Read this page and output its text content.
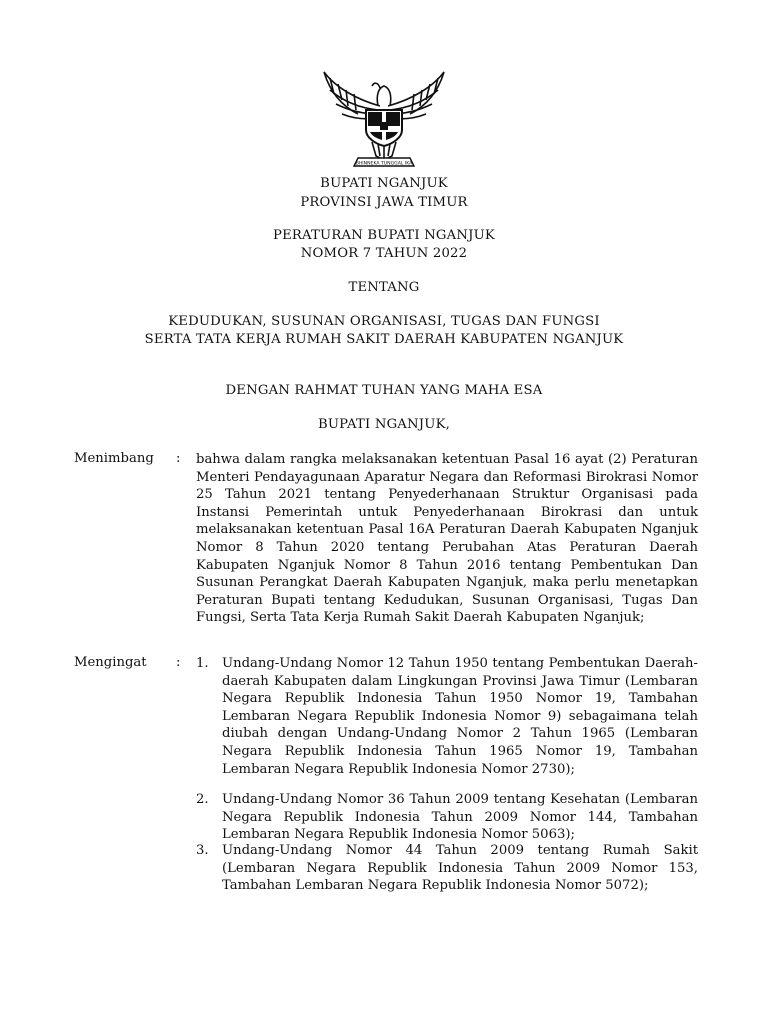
BHINNEKA TUNGGAL IKA
BUPATI NGANJUK
PROVINSI JAWA TIMUR
PERATURAN BUPATI NGANJUK
NOMOR 7 TAHUN 2022
TENTANG
KEDUDUKAN, SUSUNAN ORGANISASI, TUGAS DAN FUNGSI
SERTA TATA KERJA RUMAH SAKIT DAERAH KABUPATEN NGANJUK
DENGAN RAHMAT TUHAN YANG MAHA ESA
BUPATI NGANJUK,
Menimbang : bahwa dalam rangka melaksanakan ketentuan Pasal 16 ayat (2) Peraturan Menteri Pendayagunaan Aparatur Negara dan Reformasi Birokrasi Nomor 25 Tahun 2021 tentang Penyederhanaan Struktur Organisasi pada Instansi Pemerintah untuk Penyederhanaan Birokrasi dan untuk melaksanakan ketentuan Pasal 16A Peraturan Daerah Kabupaten Nganjuk Nomor 8 Tahun 2020 tentang Perubahan Atas Peraturan Daerah Kabupaten Nganjuk Nomor 8 Tahun 2016 tentang Pembentukan Dan Susunan Perangkat Daerah Kabupaten Nganjuk, maka perlu menetapkan Peraturan Bupati tentang Kedudukan, Susunan Organisasi, Tugas Dan Fungsi, Serta Tata Kerja Rumah Sakit Daerah Kabupaten Nganjuk;
Mengingat : 1. Undang-Undang Nomor 12 Tahun 1950 tentang Pembentukan Daerah-daerah Kabupaten dalam Lingkungan Provinsi Jawa Timur (Lembaran Negara Republik Indonesia Tahun 1950 Nomor 19, Tambahan Lembaran Negara Republik Indonesia Nomor 9) sebagaimana telah diubah dengan Undang-Undang Nomor 2 Tahun 1965 (Lembaran Negara Republik Indonesia Tahun 1965 Nomor 19, Tambahan Lembaran Negara Republik Indonesia Nomor 2730);
2. Undang-Undang Nomor 36 Tahun 2009 tentang Kesehatan (Lembaran Negara Republik Indonesia Tahun 2009 Nomor 144, Tambahan Lembaran Negara Republik Indonesia Nomor 5063);
3. Undang-Undang Nomor 44 Tahun 2009 tentang Rumah Sakit (Lembaran Negara Republik Indonesia Tahun 2009 Nomor 153, Tambahan Lembaran Negara Republik Indonesia Nomor 5072);
